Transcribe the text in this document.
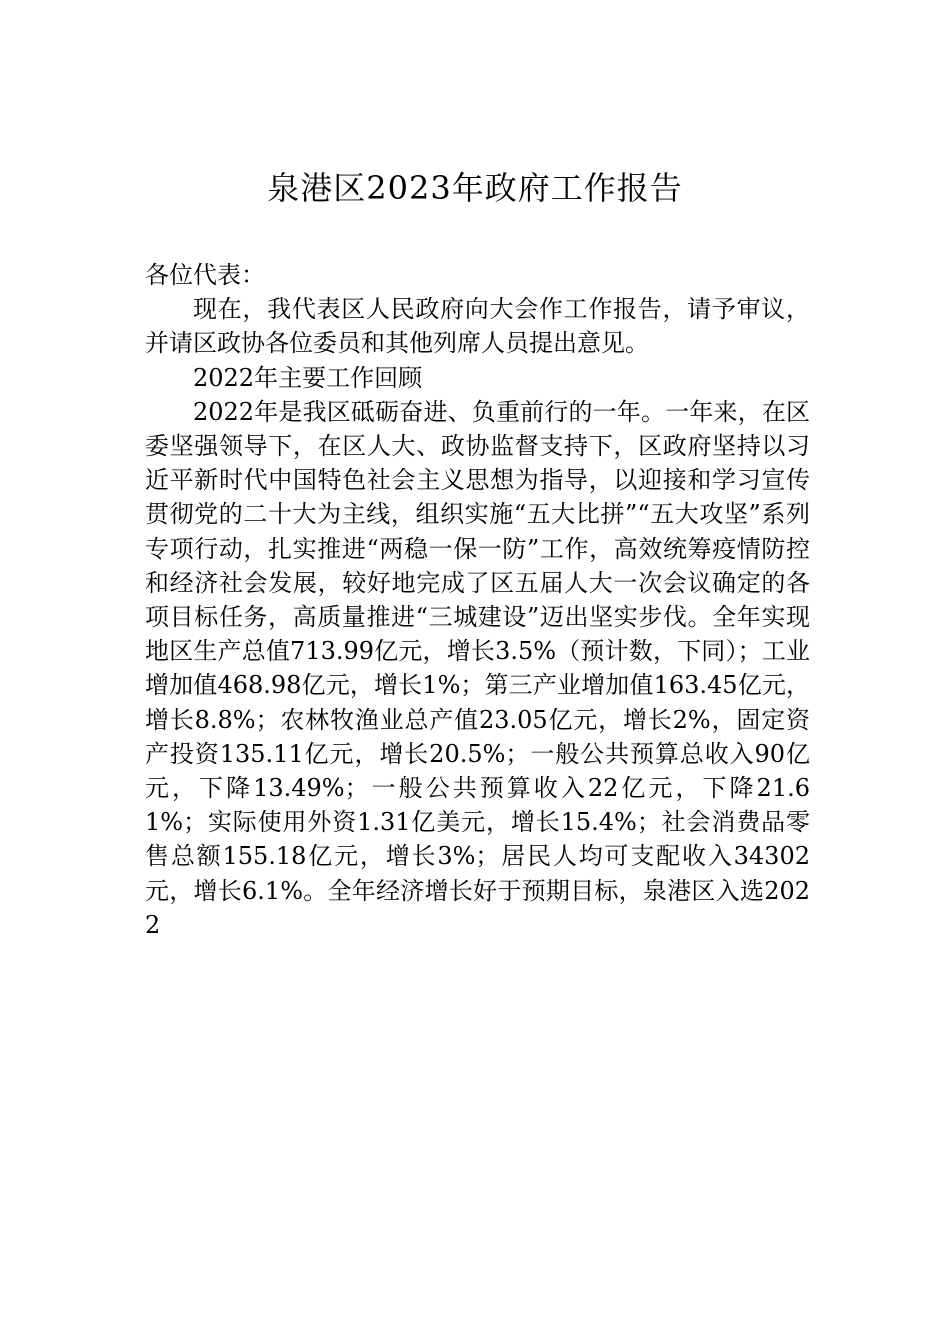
泉港区2023年政府工作报告

各位代表：

现在，我代表区人民政府向大会作工作报告，请予审议，并请区政协各位委员和其他列席人员提出意见。

2022年主要工作回顾

2022年是我区砥砺奋进、负重前行的一年。一年来，在区委坚强领导下，在区人大、政协监督支持下，区政府坚持以习近平新时代中国特色社会主义思想为指导，以迎接和学习宣传贯彻党的二十大为主线，组织实施“五大比拼”“五大攻坚”系列专项行动，扎实推进“两稳一保一防”工作，高效统筹疫情防控和经济社会发展，较好地完成了区五届人大一次会议确定的各项目标任务，高质量推进“三城建设”迈出坚实步伐。全年实现地区生产总值713.99亿元，增长3.5%（预计数，下同）；工业增加值468.98亿元，增长1%；第三产业增加值163.45亿元，增长8.8%；农林牧渔业总产值23.05亿元，增长2%，固定资产投资135.11亿元，增长20.5%；一般公共预算总收入90亿元，下降13.49%；一般公共预算收入22亿元，下降21.61%；实际使用外资1.31亿美元，增长15.4%；社会消费品零售总额155.18亿元，增长3%；居民人均可支配收入34302元，增长6.1%。全年经济增长好于预期目标，泉港区入选2022
